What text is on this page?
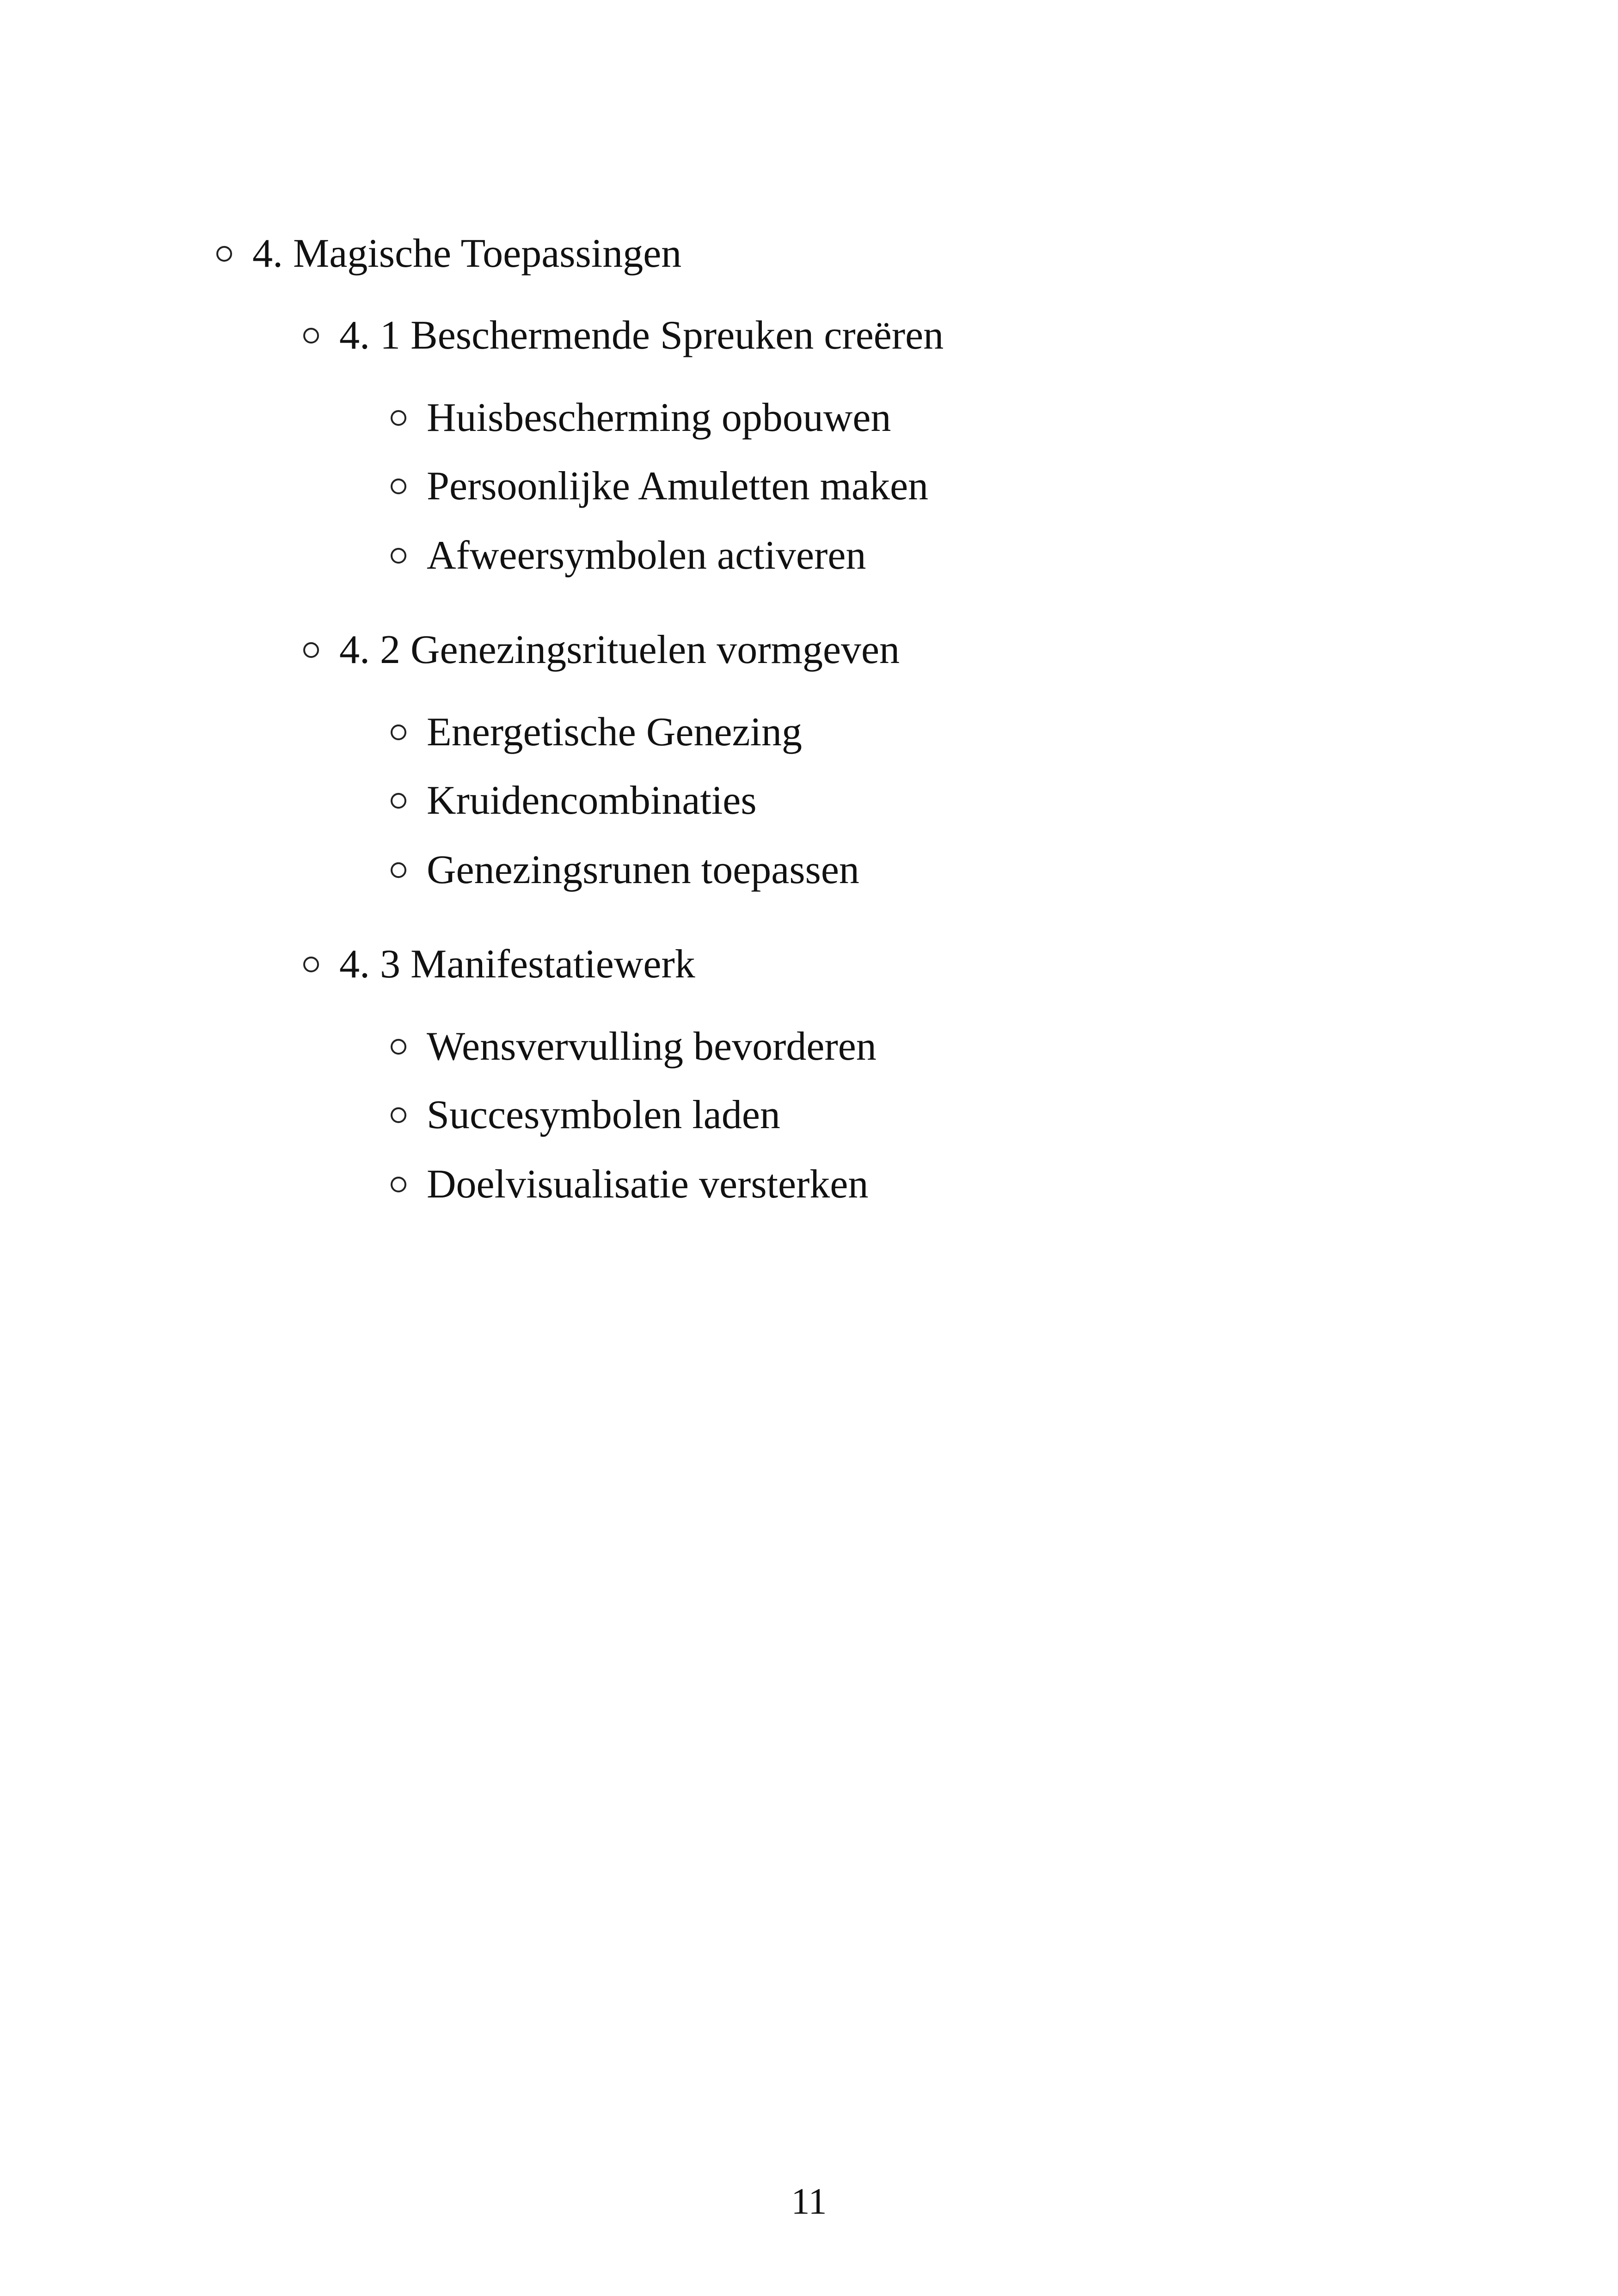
4. Magische Toepassingen
4. 1 Beschermende Spreuken creëren
Huisbescherming opbouwen
Persoonlijke Amuletten maken
Afweersymbolen activeren
4. 2 Genezingsrituelen vormgeven
Energetische Genezing
Kruidencombinaties
Genezingsrunen toepassen
4. 3 Manifestatiewerk
Wensvervulling bevorderen
Succesymbolen laden
Doelvisualisatie versterken
11
